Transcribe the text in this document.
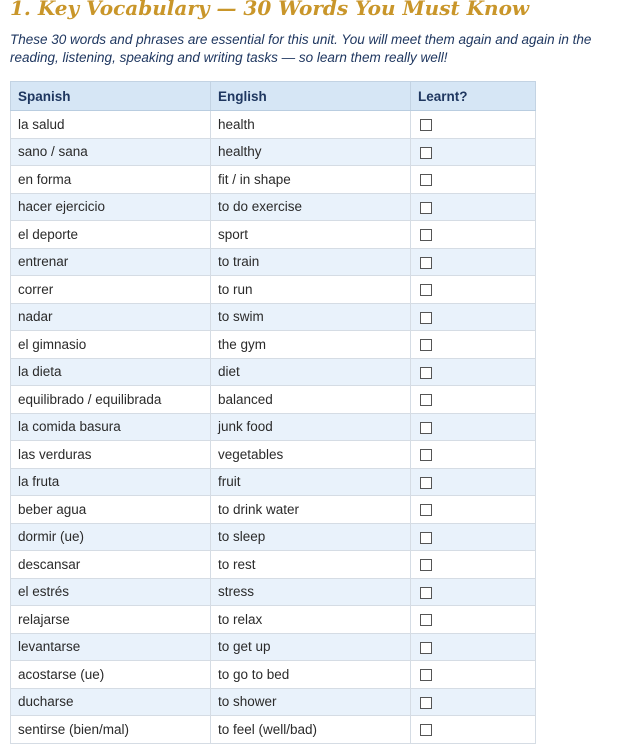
1. Key Vocabulary — 30 Words You Must Know

These 30 words and phrases are essential for this unit. You will meet them again and again in the reading, listening, speaking and writing tasks — so learn them really well!

Spanish	English	Learnt?
la salud	health	
sano / sana	healthy	
en forma	fit / in shape	
hacer ejercicio	to do exercise	
el deporte	sport	
entrenar	to train	
correr	to run	
nadar	to swim	
el gimnasio	the gym	
la dieta	diet	
equilibrado / equilibrada	balanced	
la comida basura	junk food	
las verduras	vegetables	
la fruta	fruit	
beber agua	to drink water	
dormir (ue)	to sleep	
descansar	to rest	
el estrés	stress	
relajarse	to relax	
levantarse	to get up	
acostarse (ue)	to go to bed	
ducharse	to shower	
sentirse (bien/mal)	to feel (well/bad)	
